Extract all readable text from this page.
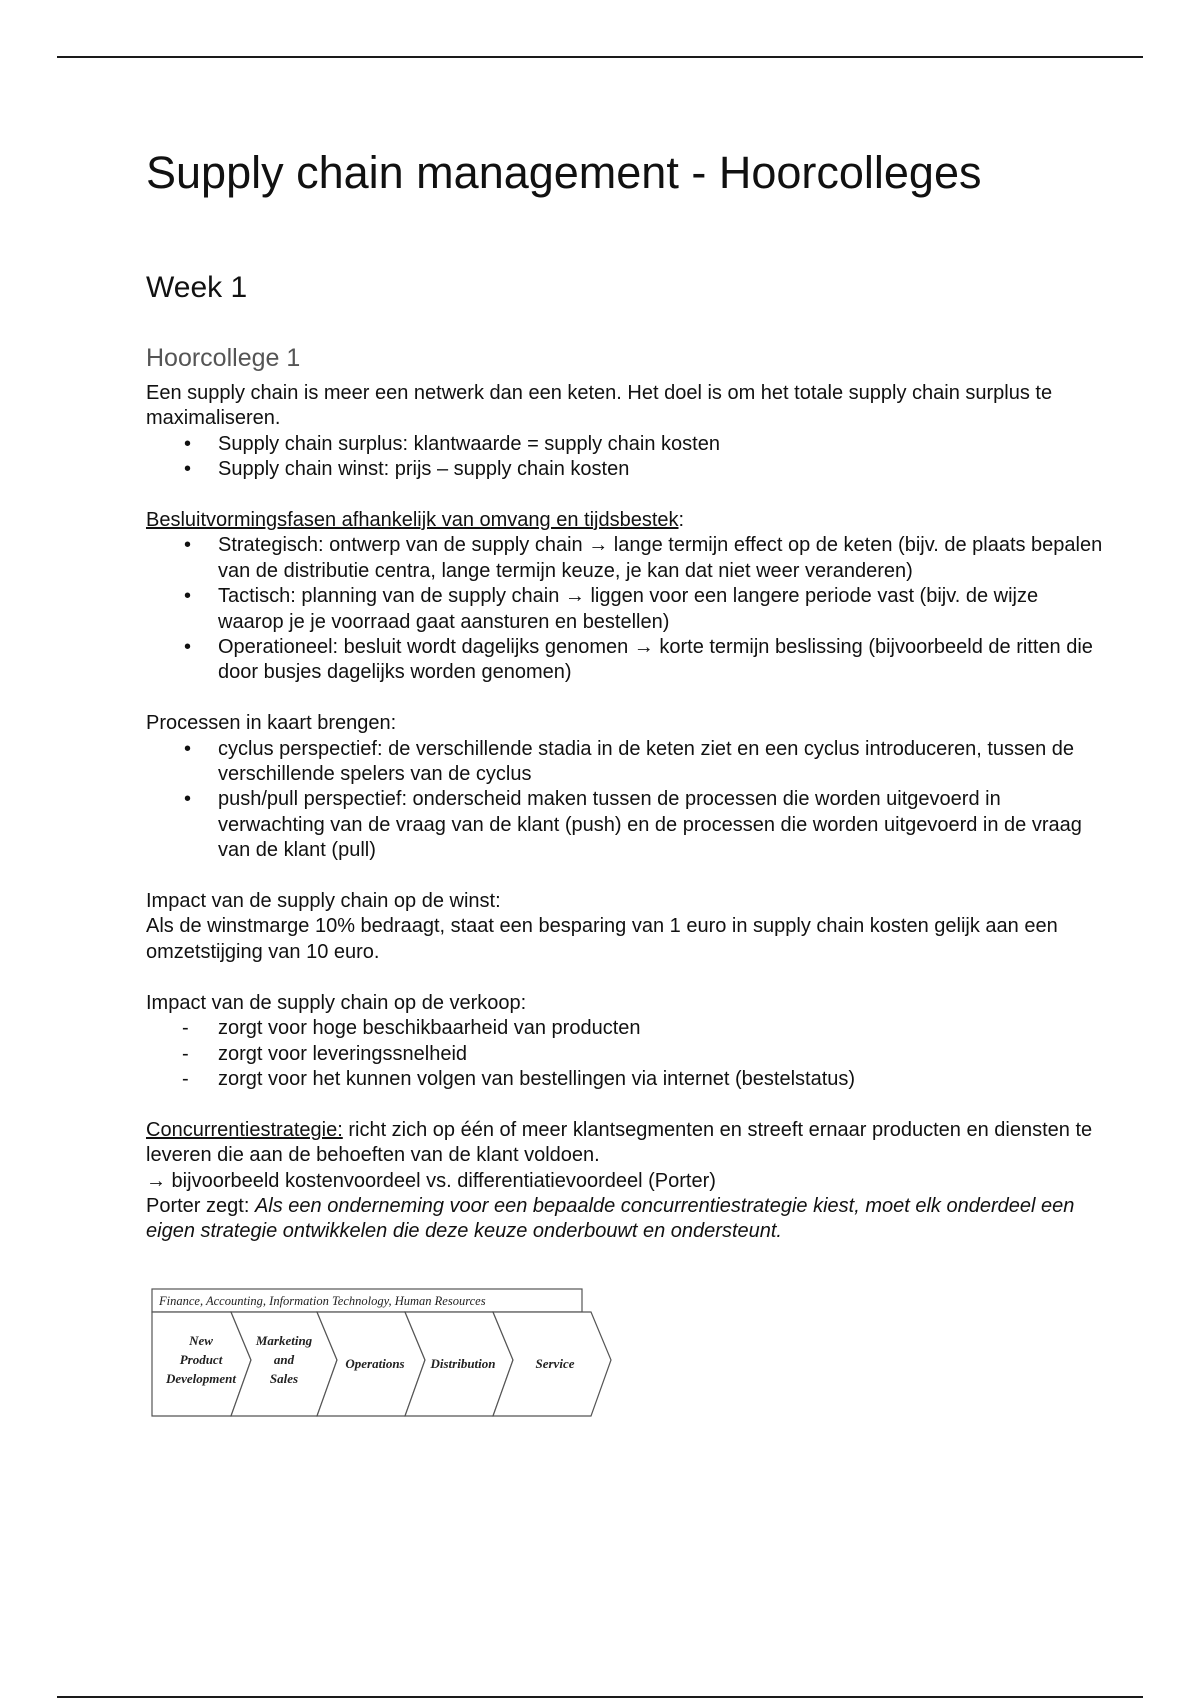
Supply chain management - Hoorcolleges
Week 1
Hoorcollege 1

Een supply chain is meer een netwerk dan een keten. Het doel is om het totale supply chain surplus te maximaliseren.

• Supply chain surplus: klantwaarde = supply chain kosten
• Supply chain winst: prijs – supply chain kosten

Besluitvormingsfasen afhankelijk van omvang en tijdsbestek:

• Strategisch: ontwerp van de supply chain → lange termijn effect op de keten (bijv. de plaats bepalen van de distributie centra, lange termijn keuze, je kan dat niet weer veranderen)
• Tactisch: planning van de supply chain → liggen voor een langere periode vast (bijv. de wijze waarop je je voorraad gaat aansturen en bestellen)
• Operationeel: besluit wordt dagelijks genomen → korte termijn beslissing (bijvoorbeeld de ritten die door busjes dagelijks worden genomen)

Processen in kaart brengen:

• cyclus perspectief: de verschillende stadia in de keten ziet en een cyclus introduceren, tussen de verschillende spelers van de cyclus
• push/pull perspectief: onderscheid maken tussen de processen die worden uitgevoerd in verwachting van de vraag van de klant (push) en de processen die worden uitgevoerd in de vraag van de klant (pull)

Impact van de supply chain op de winst:

Als de winstmarge 10% bedraagt, staat een besparing van 1 euro in supply chain kosten gelijk aan een omzetstijging van 10 euro.

Impact van de supply chain op de verkoop:

- zorgt voor hoge beschikbaarheid van producten
- zorgt voor leveringssnelheid
- zorgt voor het kunnen volgen van bestellingen via internet (bestelstatus)

Concurrentiestrategie: richt zich op één of meer klantsegmenten en streeft ernaar producten en diensten te leveren die aan de behoeften van de klant voldoen.

→ bijvoorbeeld kostenvoordeel vs. differentiatievoordeel (Porter)

Porter zegt: Als een onderneming voor een bepaalde concurrentiestrategie kiest, moet elk onderdeel een eigen strategie ontwikkelen die deze keuze onderbouwt en ondersteunt.

Finance, Accounting, Information Technology, Human Resources
New
Product
Development
Marketing
and
Sales
Operations Distribution	Service
